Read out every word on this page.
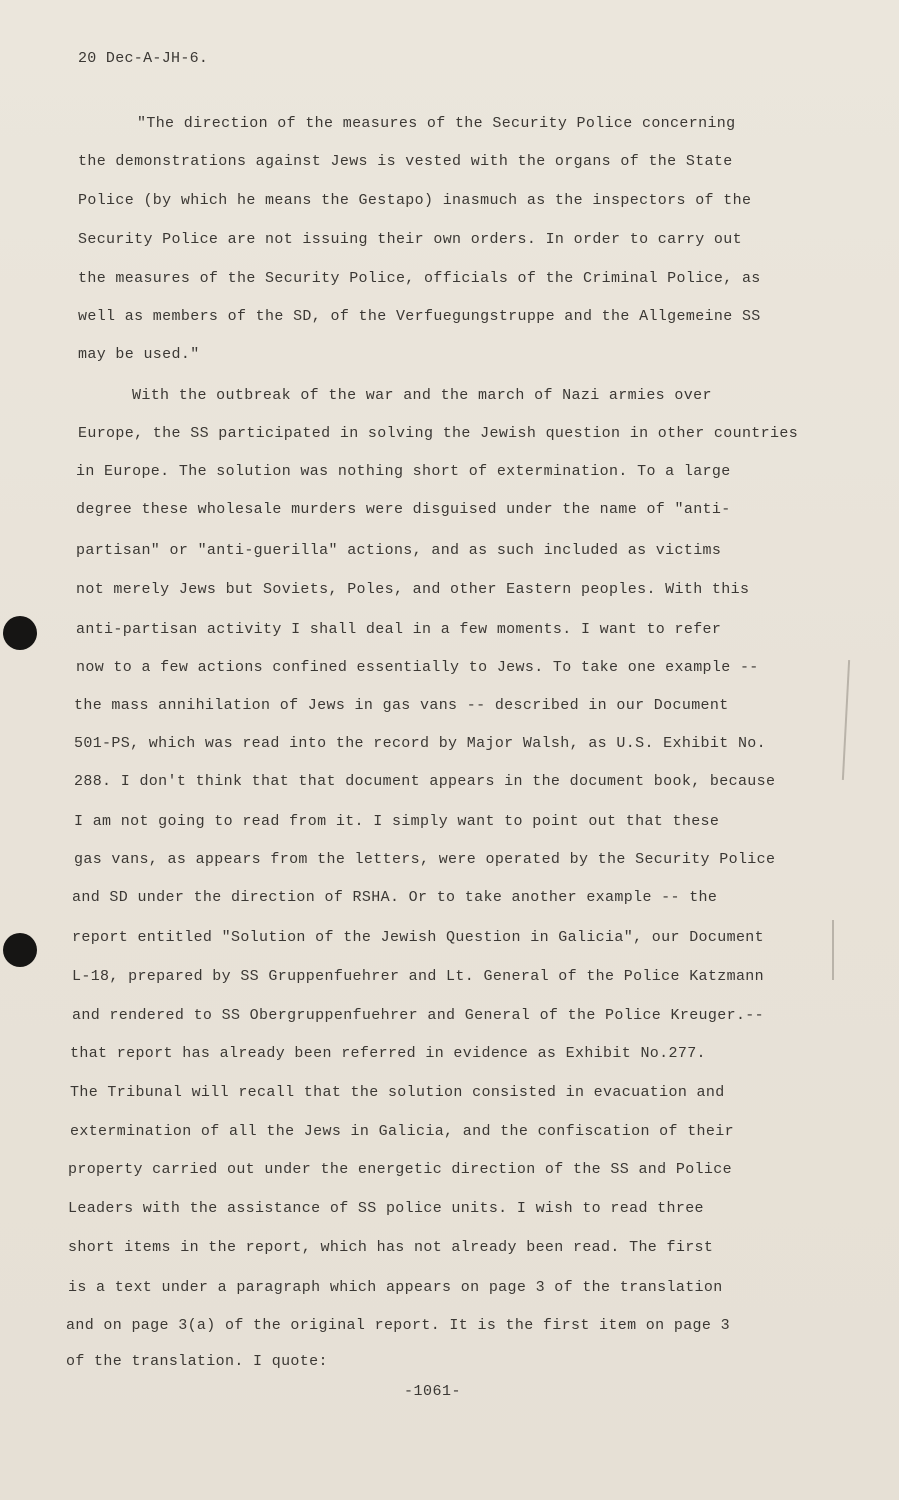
20 Dec-A-JH-6.
"The direction of the measures of the Security Police concerning
the demonstrations against Jews is vested with the organs of the State
Police (by which he means the Gestapo) inasmuch as the inspectors of the
Security Police are not issuing their own orders. In order to carry out
the measures of the Security Police, officials of the Criminal Police, as
well as members of the SD, of the Verfuegungstruppe and the Allgemeine SS
may be used."
With the outbreak of the war and the march of Nazi armies over
Europe, the SS participated in solving the Jewish question in other countries
in Europe. The solution was nothing short of extermination. To a large
degree these wholesale murders were disguised under the name of "anti-
partisan" or "anti-guerilla" actions, and as such included as victims
not merely Jews but Soviets, Poles, and other Eastern peoples. With this
anti-partisan activity I shall deal in a few moments. I want to refer
now to a few actions confined essentially to Jews. To take one example --
the mass annihilation of Jews in gas vans -- described in our Document
501-PS, which was read into the record by Major Walsh, as U.S. Exhibit No.
288. I don't think that that document appears in the document book, because
I am not going to read from it. I simply want to point out that these
gas vans, as appears from the letters, were operated by the Security Police
and SD under the direction of RSHA. Or to take another example -- the
report entitled "Solution of the Jewish Question in Galicia", our Document
L-18, prepared by SS Gruppenfuehrer and Lt. General of the Police Katzmann
and rendered to SS Obergruppenfuehrer and General of the Police Kreuger.--
that report has already been referred in evidence as Exhibit No.277.
The Tribunal will recall that the solution consisted in evacuation and
extermination of all the Jews in Galicia, and the confiscation of their
property carried out under the energetic direction of the SS and Police
Leaders with the assistance of SS police units. I wish to read three
short items in the report, which has not already been read. The first
is a text under a paragraph which appears on page 3 of the translation
and on page 3(a) of the original report. It is the first item on page 3
of the translation. I quote:
-1061-
